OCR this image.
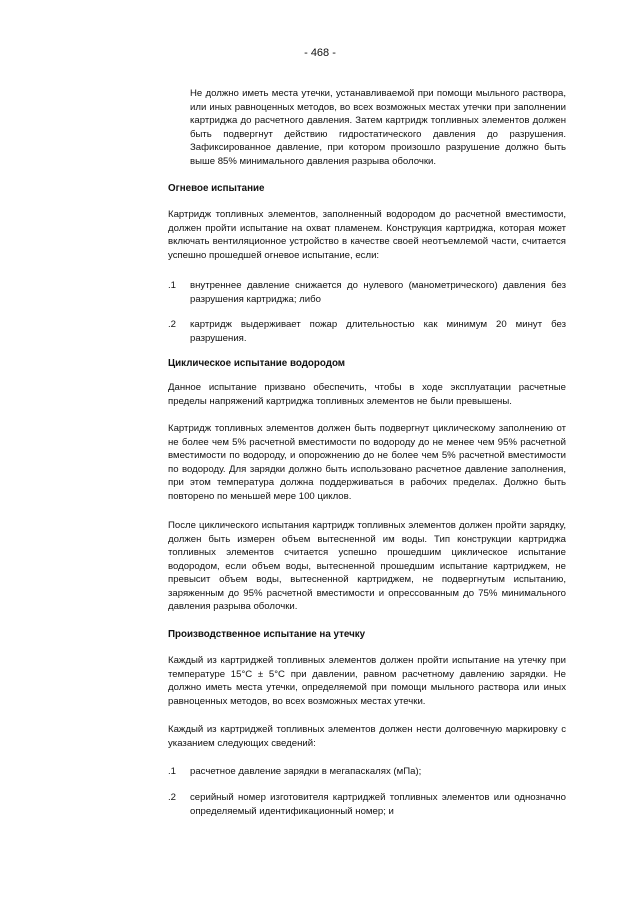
- 468 -
Не должно иметь места утечки, устанавливаемой при помощи мыльного раствора, или иных равноценных методов, во всех возможных местах утечки при заполнении картриджа до расчетного давления. Затем картридж топливных элементов должен быть подвергнут действию гидростатического давления до разрушения. Зафиксированное давление, при котором произошло разрушение должно быть выше 85% минимального давления разрыва оболочки.
Огневое испытание
Картридж топливных элементов, заполненный водородом до расчетной вместимости, должен пройти испытание на охват пламенем. Конструкция картриджа, которая может включать вентиляционное устройство в качестве своей неотъемлемой части, считается успешно прошедшей огневое испытание, если:
.1 внутреннее давление снижается до нулевого (манометрического) давления без разрушения картриджа; либо
.2 картридж выдерживает пожар длительностью как минимум 20 минут без разрушения.
Циклическое испытание водородом
Данное испытание призвано обеспечить, чтобы в ходе эксплуатации расчетные пределы напряжений картриджа топливных элементов не были превышены.
Картридж топливных элементов должен быть подвергнут циклическому заполнению от не более чем 5% расчетной вместимости по водороду до не менее чем 95% расчетной вместимости по водороду, и опорожнению до не более чем 5% расчетной вместимости по водороду. Для зарядки должно быть использовано расчетное давление заполнения, при этом температура должна поддерживаться в рабочих пределах. Должно быть повторено по меньшей мере 100 циклов.
После циклического испытания картридж топливных элементов должен пройти зарядку, должен быть измерен объем вытесненной им воды. Тип конструкции картриджа топливных элементов считается успешно прошедшим циклическое испытание водородом, если объем воды, вытесненной прошедшим испытание картриджем, не превысит объем воды, вытесненной картриджем, не подвергнутым испытанию, заряженным до 95% расчетной вместимости и опрессованным до 75% минимального давления разрыва оболочки.
Производственное испытание на утечку
Каждый из картриджей топливных элементов должен пройти испытание на утечку при температуре 15°С ± 5°С при давлении, равном расчетному давлению зарядки. Не должно иметь места утечки, определяемой при помощи мыльного раствора или иных равноценных методов, во всех возможных местах утечки.
Каждый из картриджей топливных элементов должен нести долговечную маркировку с указанием следующих сведений:
.1 расчетное давление зарядки в мегапаскалях (мПа);
.2 серийный номер изготовителя картриджей топливных элементов или однозначно определяемый идентификационный номер; и
